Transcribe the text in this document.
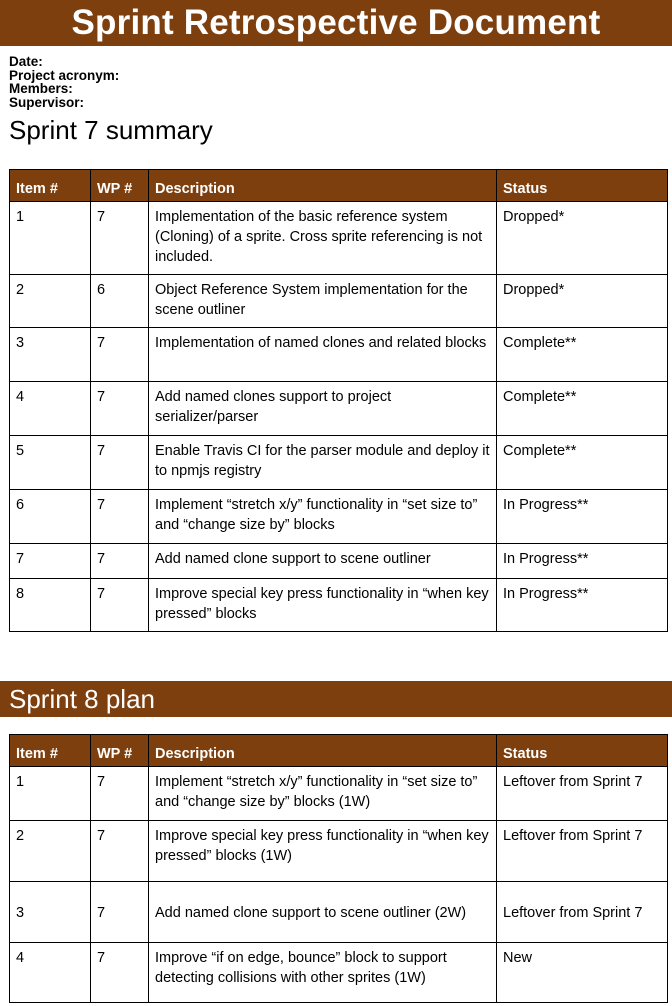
Sprint Retrospective Document
Date:
Project acronym:
Members:
Supervisor:
Sprint 7 summary
Item #	WP #	Description	Status
1	7	Implementation of the basic reference system (Cloning) of a sprite. Cross sprite referencing is not included.	Dropped*
2	6	Object Reference System implementation for the scene outliner	Dropped*
3	7	Implementation of named clones and related blocks	Complete**
4	7	Add named clones support to project serializer/parser	Complete**
5	7	Enable Travis CI for the parser module and deploy it to npmjs registry	Complete**
6	7	Implement “stretch x/y” functionality in “set size to” and “change size by” blocks	In Progress**
7	7	Add named clone support to scene outliner	In Progress**
8	7	Improve special key press functionality in “when key pressed” blocks	In Progress**
Sprint 8 plan
Item #	WP #	Description	Status
1	7	Implement “stretch x/y” functionality in “set size to” and “change size by” blocks (1W)	Leftover from Sprint 7
2	7	Improve special key press functionality in “when key pressed” blocks (1W)	Leftover from Sprint 7
3	7	Add named clone support to scene outliner (2W)	Leftover from Sprint 7
4	7	Improve “if on edge, bounce” block to support detecting collisions with other sprites (1W)	New
